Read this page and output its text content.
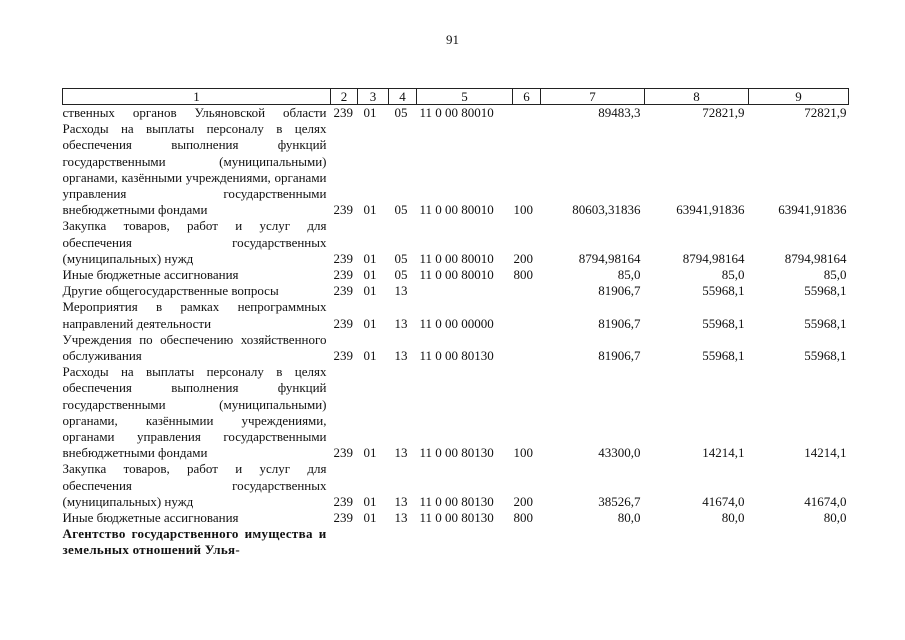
91
1	2	3	4	5	6	7	8	9
ственных органов Ульяновской области	239	01	05	11 0 00 80010		89483,3	72821,9	72821,9
Расходы на выплаты персоналу в целях обеспечения выполнения функций государственными (муниципальными) органами, казёнными учреждениями, органами управления государственными внебюджетными фондами	239	01	05	11 0 00 80010	100	80603,31836	63941,91836	63941,91836
Закупка товаров, работ и услуг для обеспечения государственных (муниципальных) нужд	239	01	05	11 0 00 80010	200	8794,98164	8794,98164	8794,98164
Иные бюджетные ассигнования	239	01	05	11 0 00 80010	800	85,0	85,0	85,0
Другие общегосударственные вопросы	239	01	13			81906,7	55968,1	55968,1
Мероприятия в рамках непрограммных направлений деятельности	239	01	13	11 0 00 00000		81906,7	55968,1	55968,1
Учреждения по обеспечению хозяйственного обслуживания	239	01	13	11 0 00 80130		81906,7	55968,1	55968,1
Расходы на выплаты персоналу в целях обеспечения выполнения функций государственными (муниципальными) органами, казённымии учреждениями, органами управления государственными внебюджетными фондами	239	01	13	11 0 00 80130	100	43300,0	14214,1	14214,1
Закупка товаров, работ и услуг для обеспечения государственных (муниципальных) нужд	239	01	13	11 0 00 80130	200	38526,7	41674,0	41674,0
Иные бюджетные ассигнования	239	01	13	11 0 00 80130	800	80,0	80,0	80,0
Агентство государственного имущества и земельных отношений Улья-								
